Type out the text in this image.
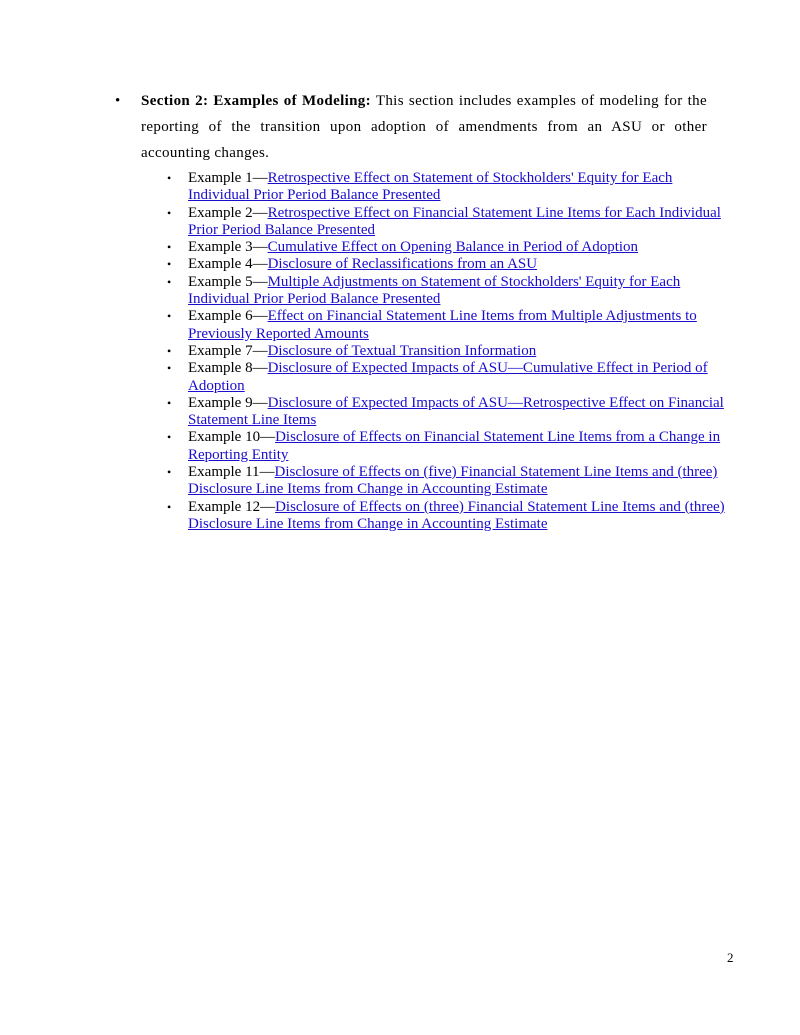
• Section 2: Examples of Modeling: This section includes examples of modeling for the reporting of the transition upon adoption of amendments from an ASU or other accounting changes.
• Example 1—Retrospective Effect on Statement of Stockholders' Equity for Each Individual Prior Period Balance Presented
• Example 2—Retrospective Effect on Financial Statement Line Items for Each Individual Prior Period Balance Presented
• Example 3—Cumulative Effect on Opening Balance in Period of Adoption
• Example 4—Disclosure of Reclassifications from an ASU
• Example 5—Multiple Adjustments on Statement of Stockholders' Equity for Each Individual Prior Period Balance Presented
• Example 6—Effect on Financial Statement Line Items from Multiple Adjustments to Previously Reported Amounts
• Example 7—Disclosure of Textual Transition Information
• Example 8—Disclosure of Expected Impacts of ASU—Cumulative Effect in Period of Adoption
• Example 9—Disclosure of Expected Impacts of ASU—Retrospective Effect on Financial Statement Line Items
• Example 10—Disclosure of Effects on Financial Statement Line Items from a Change in Reporting Entity
• Example 11—Disclosure of Effects on (five) Financial Statement Line Items and (three) Disclosure Line Items from Change in Accounting Estimate
• Example 12—Disclosure of Effects on (three) Financial Statement Line Items and (three) Disclosure Line Items from Change in Accounting Estimate
2
